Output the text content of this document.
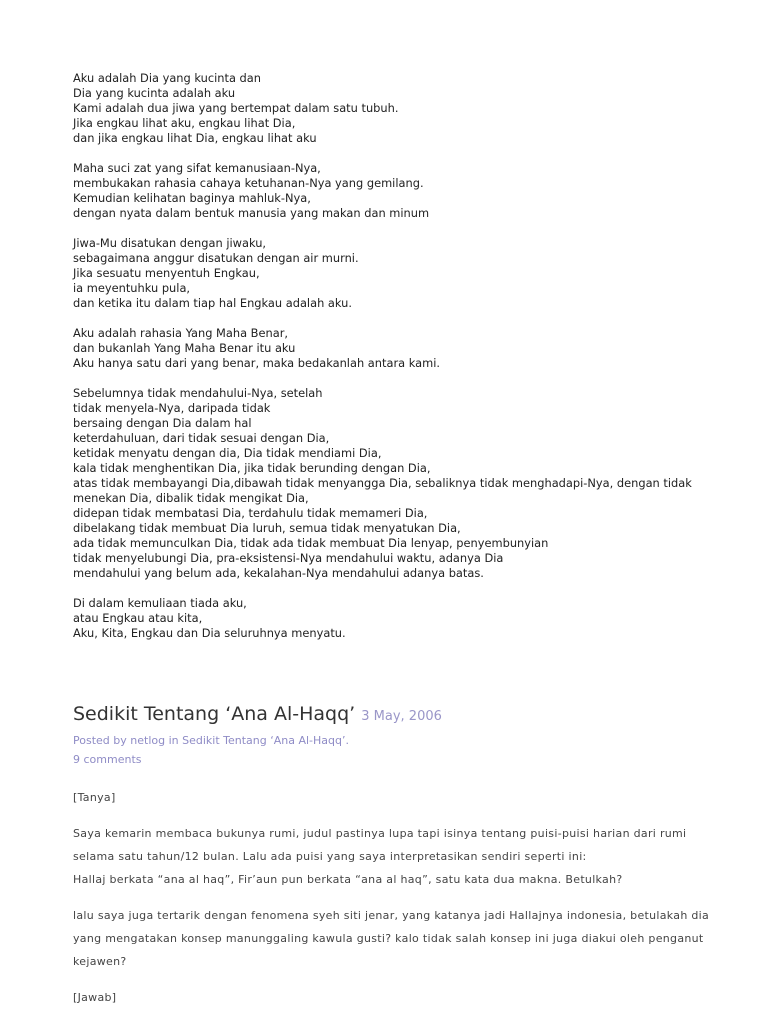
Aku adalah Dia yang kucinta dan
Dia yang kucinta adalah aku
Kami adalah dua jiwa yang bertempat dalam satu tubuh.
Jika engkau lihat aku, engkau lihat Dia,
dan jika engkau lihat Dia, engkau lihat aku
Maha suci zat yang sifat kemanusiaan-Nya,
membukakan rahasia cahaya ketuhanan-Nya yang gemilang.
Kemudian kelihatan baginya mahluk-Nya,
dengan nyata dalam bentuk manusia yang makan dan minum
Jiwa-Mu disatukan dengan jiwaku,
sebagaimana anggur disatukan dengan air murni.
Jika sesuatu menyentuh Engkau,
ia meyentuhku pula,
dan ketika itu dalam tiap hal Engkau adalah aku.
Aku adalah rahasia Yang Maha Benar,
dan bukanlah Yang Maha Benar itu aku
Aku hanya satu dari yang benar, maka bedakanlah antara kami.
Sebelumnya tidak mendahului-Nya, setelah
tidak menyela-Nya, daripada tidak
bersaing dengan Dia dalam hal
keterdahuluan, dari tidak sesuai dengan Dia,
ketidak menyatu dengan dia, Dia tidak mendiami Dia,
kala tidak menghentikan Dia, jika tidak berunding dengan Dia,
atas tidak membayangi Dia,dibawah tidak menyangga Dia, sebaliknya tidak menghadapi-Nya, dengan tidak
menekan Dia, dibalik tidak mengikat Dia,
didepan tidak membatasi Dia, terdahulu tidak memameri Dia,
dibelakang tidak membuat Dia luruh, semua tidak menyatukan Dia,
ada tidak memunculkan Dia, tidak ada tidak membuat Dia lenyap, penyembunyian
tidak menyelubungi Dia, pra-eksistensi-Nya mendahului waktu, adanya Dia
mendahului yang belum ada, kekalahan-Nya mendahului adanya batas.
Di dalam kemuliaan tiada aku,
atau Engkau atau kita,
Aku, Kita, Engkau dan Dia seluruhnya menyatu.
Sedikit Tentang ‘Ana Al-Haqq’ 3 May, 2006
Posted by netlog in Sedikit Tentang ‘Ana Al-Haqq’.
9 comments

[Tanya]

Saya kemarin membaca bukunya rumi, judul pastinya lupa tapi isinya tentang puisi-puisi harian dari rumi
selama satu tahun/12 bulan. Lalu ada puisi yang saya interpretasikan sendiri seperti ini:
Hallaj berkata “ana al haq”, Fir’aun pun berkata “ana al haq”, satu kata dua makna. Betulkah?

lalu saya juga tertarik dengan fenomena syeh siti jenar, yang katanya jadi Hallajnya indonesia, betulakah dia
yang mengatakan konsep manunggaling kawula gusti? kalo tidak salah konsep ini juga diakui oleh penganut
kejawen?

[Jawab]
